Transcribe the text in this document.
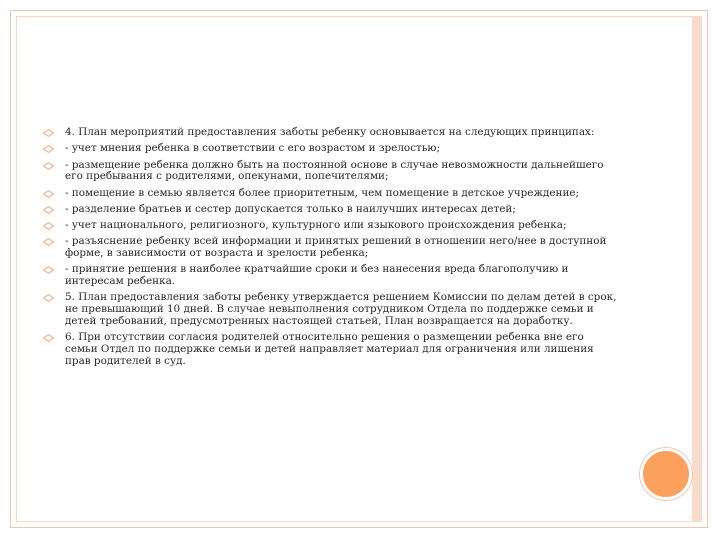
4. План мероприятий предоставления заботы ребенку основывается на следующих принципах:
- учет мнения ребенка в соответствии с его возрастом и зрелостью;
- размещение ребенка должно быть на постоянной основе в случае невозможности дальнейшего его пребывания с родителями, опекунами, попечителями;
- помещение в семью является более приоритетным, чем помещение в детское учреждение;
- разделение братьев и сестер допускается только в наилучших интересах детей;
- учет национального, религиозного, культурного или языкового происхождения ребенка;
- разъяснение ребенку всей информации и принятых решений в отношении него/нее в доступной форме, в зависимости от возраста и зрелости ребенка;
- принятие решения в наиболее кратчайшие сроки и без нанесения вреда благополучию и интересам ребенка.
5. План предоставления заботы ребенку утверждается решением Комиссии по делам детей в срок, не превышающий 10 дней. В случае невыполнения сотрудником Отдела по поддержке семьи и детей требований, предусмотренных настоящей статьей, План возвращается на доработку.
6. При отсутствии согласия родителей относительно решения о размещении ребенка вне его семьи Отдел по поддержке семьи и детей направляет материал для ограничения или лишения прав родителей в суд.
